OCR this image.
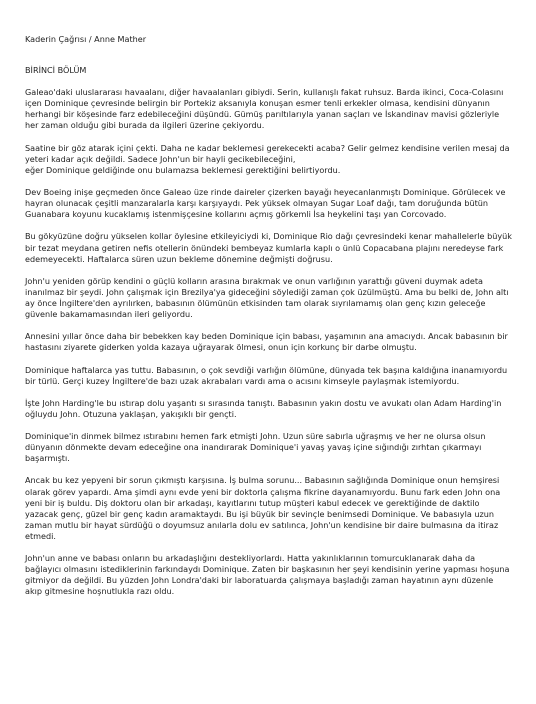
Kaderin Çağrısı / Anne Mather
BİRİNCİ BÖLÜM

Galeao'daki uluslararası havaalanı, diğer havaalanları gibiydi. Serin, kullanışlı fakat ruhsuz. Barda ikinci, Coca-Colasını içen Dominique çevresinde belirgin bir Portekiz aksanıyla konuşan esmer tenli erkekler olmasa, kendisini dünyanın herhangi bir köşesinde farz edebileceğini düşündü. Gümüş parıltılarıyla yanan saçları ve İskandinav mavisi gözleriyle her zaman olduğu gibi burada da ilgileri üzerine çekiyordu.

Saatine bir göz atarak içini çekti. Daha ne kadar beklemesi gerekecekti acaba? Gelir gelmez kendisine verilen mesaj da yeteri kadar açık değildi. Sadece John'un bir hayli gecikebileceğini,
eğer Dominique geldiğinde onu bulamazsa beklemesi gerektiğini belirtiyordu.

Dev Boeing inişe geçmeden önce Galeao üze rinde daireler çizerken bayağı heyecanlanmıştı Dominique. Görülecek ve hayran olunacak çeşitli manzaralarla karşı karşıyaydı. Pek yüksek olmayan Sugar Loaf dağı, tam doruğunda bütün Guanabara koyunu kucaklamış istenmişçesine kollarını açmış görkemli İsa heykelini taşı yan Corcovado.

Bu gökyüzüne doğru yükselen kollar öylesine etkileyiciydi ki, Dominique Rio dağı çevresindeki kenar mahallelerle büyük bir tezat meydana getiren nefis otellerin önündeki bembeyaz kumlarla kaplı o ünlü Copacabana plajını neredeyse fark edemeyecekti. Haftalarca süren uzun bekleme dönemine değmişti doğrusu.

John'u yeniden görüp kendini o güçlü kolların arasına bırakmak ve onun varlığının yarattığı güveni duymak adeta inanılmaz bir şeydi. John çalışmak için Brezilya'ya gideceğini söylediği zaman çok üzülmüştü. Ama bu belki de, John altı ay önce İngiltere'den ayrılırken, babasının ölümünün etkisinden tam olarak sıyrılamamış olan genç kızın geleceğe güvenle bakamamasından ileri geliyordu.

Annesini yıllar önce daha bir bebekken kay beden Dominique için babası, yaşamının ana amacıydı. Ancak babasının bir hastasını ziyarete giderken yolda kazaya uğrayarak ölmesi, onun için korkunç bir darbe olmuştu.

Dominique haftalarca yas tuttu. Babasının, o çok sevdiği varlığın ölümüne, dünyada tek başına kaldığına inanamıyordu bir türlü. Gerçi kuzey İngiltere'de bazı uzak akrabaları vardı ama o acısını kimseyle paylaşmak istemiyordu.

İşte John Harding'le bu ıstırap dolu yaşantı sı sırasında tanıştı. Babasının yakın dostu ve avukatı olan Adam Harding'in oğluydu John. Otuzuna yaklaşan, yakışıklı bir gençti.

Dominique'in dinmek bilmez ıstırabını hemen fark etmişti John. Uzun süre sabırla uğraşmış ve her ne olursa olsun dünyanın dönmekte devam edeceğine ona inandırarak Dominique'i yavaş yavaş içine sığındığı zırhtan çıkarmayı başarmıştı.

Ancak bu kez yepyeni bir sorun çıkmıştı karşısına. İş bulma sorunu... Babasının sağlığında Dominique onun hemşiresi olarak görev yapardı. Ama şimdi aynı evde yeni bir doktorla çalışma fikrine dayanamıyordu. Bunu fark eden John ona yeni bir iş buldu. Diş doktoru olan bir arkadaşı, kayıtlarını tutup müşteri kabul edecek ve gerektiğinde de daktilo yazacak genç, güzel bir genç kadın aramaktaydı. Bu işi büyük bir sevinçle benimsedi Dominique. Ve babasıyla uzun zaman mutlu bir hayat sürdüğü o doyumsuz anılarla dolu ev satılınca, John'un kendisine bir daire bulmasına da itiraz etmedi.

John'un anne ve babası onların bu arkadaşlığını destekliyorlardı. Hatta yakınlıklarının tomurcuklanarak daha da bağlayıcı olmasını istediklerinin farkındaydı Dominique. Zaten bir başkasının her şeyi kendisinin yerine yapması hoşuna gitmiyor da değildi. Bu yüzden John Londra'daki bir laboratuarda çalışmaya başladığı zaman hayatının aynı düzenle akıp gitmesine hoşnutlukla razı oldu.
